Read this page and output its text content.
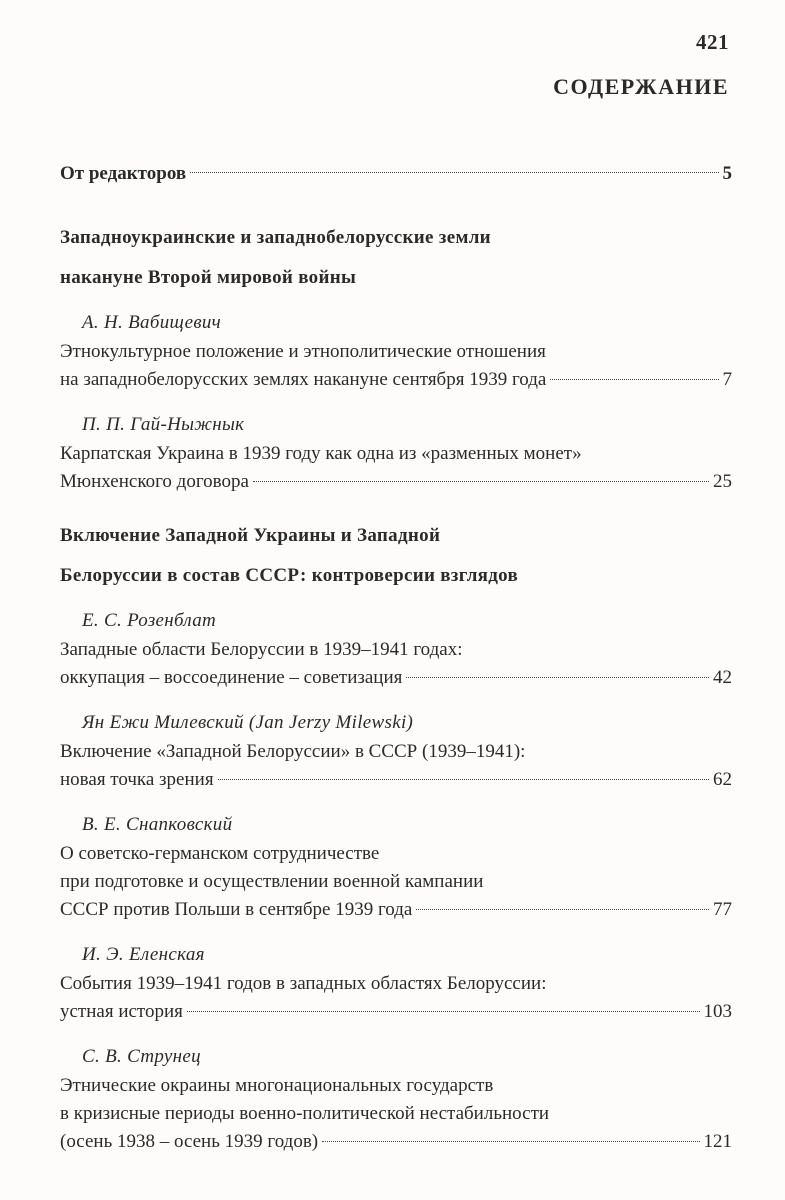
421
СОДЕРЖАНИЕ
От редакторов	5
Западноукраинские и западнобелорусские земли
накануне Второй мировой войны
А. Н. Вабищевич
Этнокультурное положение и этнополитические отношения
на западнобелорусских землях накануне сентября 1939 года	7
П. П. Гай-Ныжнык
Карпатская Украина в 1939 году как одна из «разменных монет»
Мюнхенского договора	25
Включение Западной Украины и Западной
Белоруссии в состав СССР: контроверсии взглядов
Е. С. Розенблат
Западные области Белоруссии в 1939–1941 годах:
оккупация – воссоединение – советизация	42
Ян Ежи Милевский (Jan Jerzy Milewski)
Включение «Западной Белоруссии» в СССР (1939–1941):
новая точка зрения	62
В. Е. Снапковский
О советско-германском сотрудничестве
при подготовке и осуществлении военной кампании
СССР против Польши в сентябре 1939 года	77
И. Э. Еленская
События 1939–1941 годов в западных областях Белоруссии:
устная история	103
С. В. Струнец
Этнические окраины многонациональных государств
в кризисные периоды военно-политической нестабильности
(осень 1938 – осень 1939 годов)	121
